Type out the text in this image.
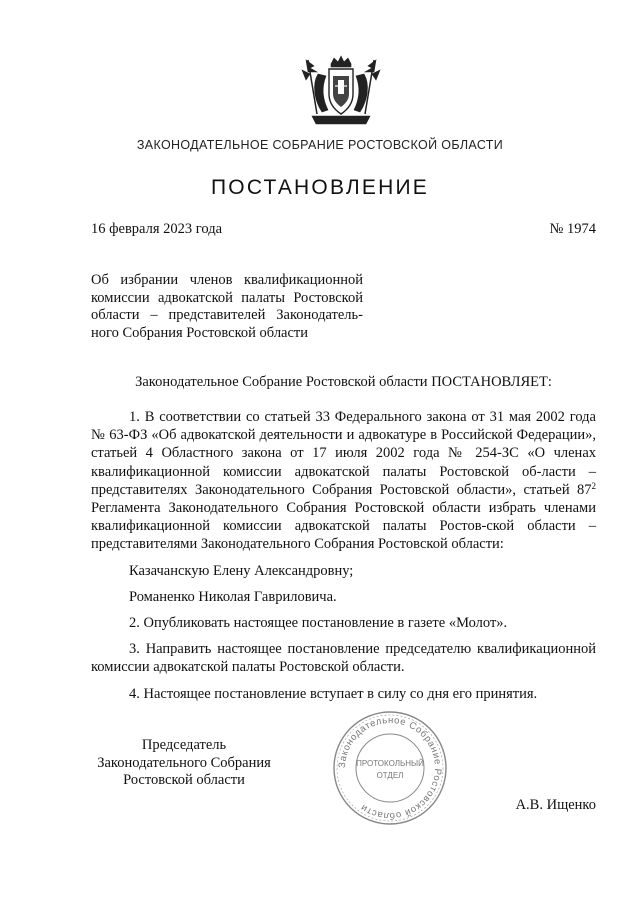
ЗАКОНОДАТЕЛЬНОЕ СОБРАНИЕ РОСТОВСКОЙ ОБЛАСТИ
ПОСТАНОВЛЕНИЕ
16 февраля 2023 года	№ 1974
Об избрании членов квалификационной комиссии адвокатской палаты Ростовской области – представителей Законодатель-ного Собрания Ростовской области
Законодательное Собрание Ростовской области ПОСТАНОВЛЯЕТ:

1. В соответствии со статьей 33 Федерального закона от 31 мая 2002 года № 63-ФЗ «Об адвокатской деятельности и адвокатуре в Российской Федерации», статьей 4 Областного закона от 17 июля 2002 года № 254-ЗС «О членах квалификационной комиссии адвокатской палаты Ростовской об-ласти – представителях Законодательного Собрания Ростовской области», статьей $87^2$ Регламента Законодательного Собрания Ростовской области избрать членами квалификационной комиссии адвокатской палаты Ростов-ской области – представителями Законодательного Собрания Ростовской области:

Казачанскую Елену Александровну;

Романенко Николая Гавриловича.

2. Опубликовать настоящее постановление в газете «Молот».

3. Направить настоящее постановление председателю квалификационной комиссии адвокатской палаты Ростовской области.

4. Настоящее постановление вступает в силу со дня его принятия.

Председатель
Законодательного Собрания
Ростовской области
Законодательное Собрание Ростовской области
ПРОТОКОЛЬНЫЙ
ОТДЕЛ
А.В. Ищенко
